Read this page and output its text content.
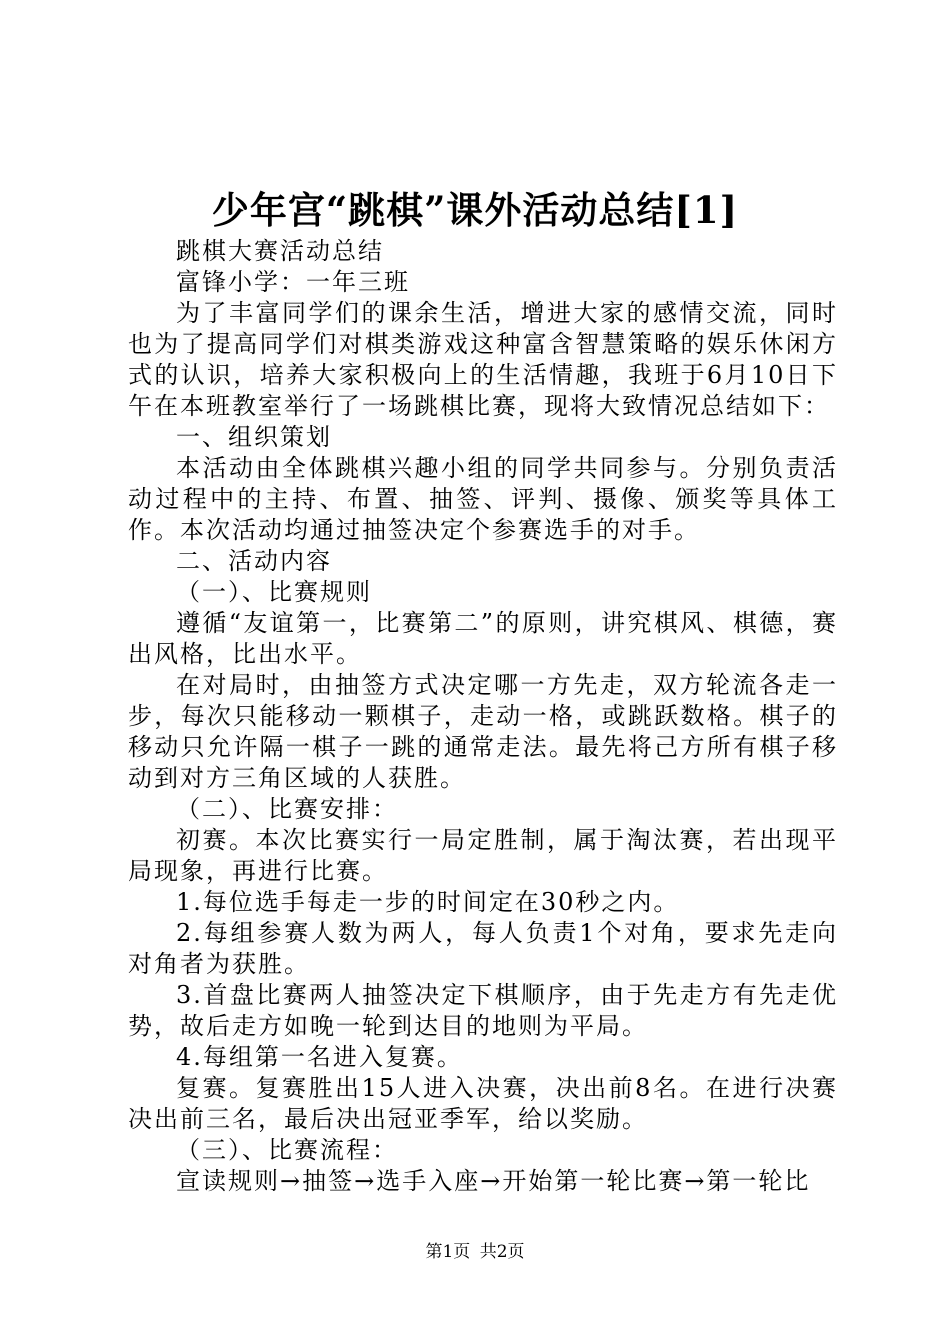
少年宫“跳棋”课外活动总结[1]

跳棋大赛活动总结

富锋小学：一年三班

为了丰富同学们的课余生活，增进大家的感情交流，同时也为了提高同学们对棋类游戏这种富含智慧策略的娱乐休闲方式的认识，培养大家积极向上的生活情趣，我班于6月10日下午在本班教室举行了一场跳棋比赛，现将大致情况总结如下：

一、组织策划

本活动由全体跳棋兴趣小组的同学共同参与。分别负责活动过程中的主持、布置、抽签、评判、摄像、颁奖等具体工作。本次活动均通过抽签决定个参赛选手的对手。

二、活动内容

（一）、比赛规则

遵循“友谊第一，比赛第二”的原则，讲究棋风、棋德，赛出风格，比出水平。

在对局时，由抽签方式决定哪一方先走，双方轮流各走一步，每次只能移动一颗棋子，走动一格，或跳跃数格。棋子的移动只允许隔一棋子一跳的通常走法。最先将己方所有棋子移动到对方三角区域的人获胜。

（二）、比赛安排：

初赛。本次比赛实行一局定胜制，属于淘汰赛，若出现平局现象，再进行比赛。

1.每位选手每走一步的时间定在30秒之内。

2.每组参赛人数为两人，每人负责1个对角，要求先走向对角者为获胜。

3.首盘比赛两人抽签决定下棋顺序，由于先走方有先走优势，故后走方如晚一轮到达目的地则为平局。

4.每组第一名进入复赛。

复赛。复赛胜出15人进入决赛，决出前8名。在进行决赛决出前三名，最后决出冠亚季军，给以奖励。

（三）、比赛流程：

宣读规则→抽签→选手入座→开始第一轮比赛→第一轮比

第1页 共2页
